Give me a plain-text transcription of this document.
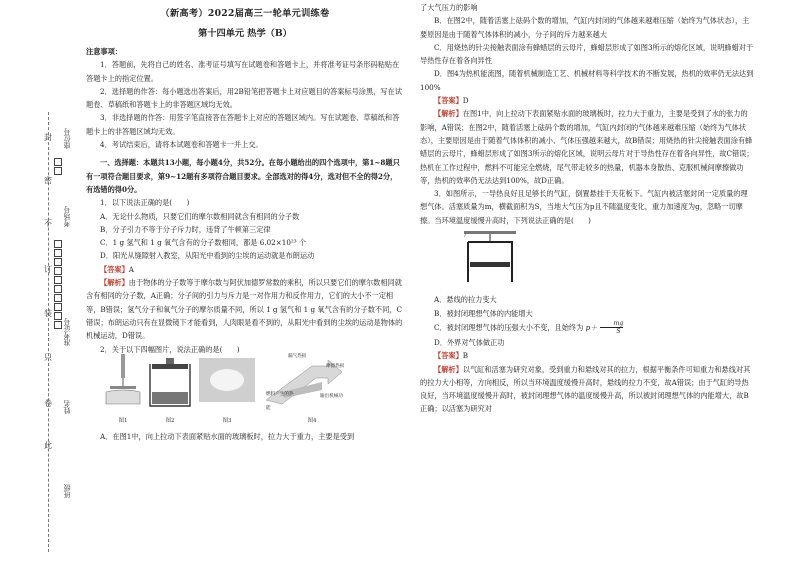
封
密
不
订
装
只
卷
此
座位号
考场号
准考证号
姓名
班级
（新高考）2022届高三一轮单元训练卷
第十四单元 热学（B）

注意事项：

1．答题前，先将自己的姓名、准考证号填写在试题卷和答题卡上，并将准考证号条形码粘贴在答题卡上的指定位置。

2．选择题的作答：每小题选出答案后，用2B铅笔把答题卡上对应题目的答案标号涂黑，写在试题卷、草稿纸和答题卡上的非答题区域均无效。

3．非选择题的作答：用签字笔直接答在答题卡上对应的答题区域内。写在试题卷、草稿纸和答题卡上的非答题区域均无效。

4．考试结束后，请将本试题卷和答题卡一并上交。

一、选择题：本题共13小题，每小题4分，共52分。在每小题给出的四个选项中，第1~8题只有一项符合题目要求，第9~12题有多项符合题目要求。全部选对的得4分，选对但不全的得2分，有选错的得0分。

1．以下说法正确的是(　　)

A．无论什么物质，只要它们的摩尔数相同就含有相同的分子数

B．分子引力不等于分子斥力时，违背了牛顿第三定律

C．1 g 氢气和 1 g 氧气含有的分子数相同，都是 6.02×10²³ 个

D．阳光从缝隙射入教室，从阳光中看到的尘埃的运动就是布朗运动

【答案】A

【解析】由于物体的分子数等于摩尔数与阿伏加德罗常数的乘积，所以只要它们的摩尔数相同就含有相同的分子数，A正确；分子间的引力与斥力是一对作用力和反作用力，它们的大小不一定相等，B错误；氢气分子和氧气分子的摩尔质量不同，所以 1 g 氢气和 1 g 氧气含有的分子数不同，C错误；布朗运动只有在显微镜下才能看到，人肉眼是看不到的，从阳光中看到的尘埃的运动是物体的机械运动，D错误。

2．关于以下四幅图片，说法正确的是(　　)

图1	图2	图3
漏气热损
摩擦热损
输出机械功
燃料产生的热能
图4

A．在图1中，向上拉动下表面紧贴水面的玻璃板时，拉力大于重力，主要是受到

了大气压力的影响

B．在图2中，随着活塞上砝码个数的增加，气缸内封闭的气体越来越难压缩（始终为气体状态），主要原因是由于随着气体体积的减小，分子间的斥力越来越大

C．用烧热的针尖接触表面涂有蜂蜡层的云母片，蜂蜡层形成了如图3所示的熔化区域，说明蜂蜡对于导热性存在着各向异性

D．图4为热机能流图，随着机械制造工艺、机械材料等科学技术的不断发展，热机的效率仍无法达到100%

【答案】D

【解析】在图1中，向上拉动下表面紧贴水面的玻璃板时，拉力大于重力，主要是受到了水的张力的影响，A错误；在图2中，随着活塞上砝码个数的增加，气缸内封闭的气体越来越难压缩（始终为气体状态），主要原因是由于随着气体体积的减小、气体压强越来越大，故B错误；用烧热的针尖接触表面涂有蜂蜡层的云母片，蜂蜡层形成了如图3所示的熔化区域，说明云母片对于导热性存在着各向异性，故C错误；热机在工作过程中，燃料不可能完全燃烧，尾气带走较多的热量，机器本身散热、克服机械间摩擦做功等，热机的效率仍无法达到100%，故D正确。

3．如图所示，一导热良好且足够长的气缸，倒置悬挂于天花板下。气缸内被活塞封闭一定质量的理想气体。活塞质量为m，横截面积为S，当地大气压为p且不随温度变化，重力加速度为g，忽略一切摩擦。当环境温度缓慢升高时，下列说法正确的是(　　)

A．悬线的拉力变大

B．被封闭理想气体的内能增大

C．被封闭理想气体的压强大小不变，且始终为 $p+ \frac{mg}{S}$

D．外界对气体做正功

【答案】B

【解析】以气缸和活塞为研究对象，受到重力和悬线对其的拉力，根据平衡条件可知重力和悬线对其的拉力大小相等，方向相反，所以当环境温度缓慢升高时，悬线的拉力不变，故A错误；由于气缸的导热良好，当环境温度缓慢升高时，被封闭理想气体的温度缓慢升高，所以被封闭理想气体的内能增大，故B正确；以活塞为研究对
